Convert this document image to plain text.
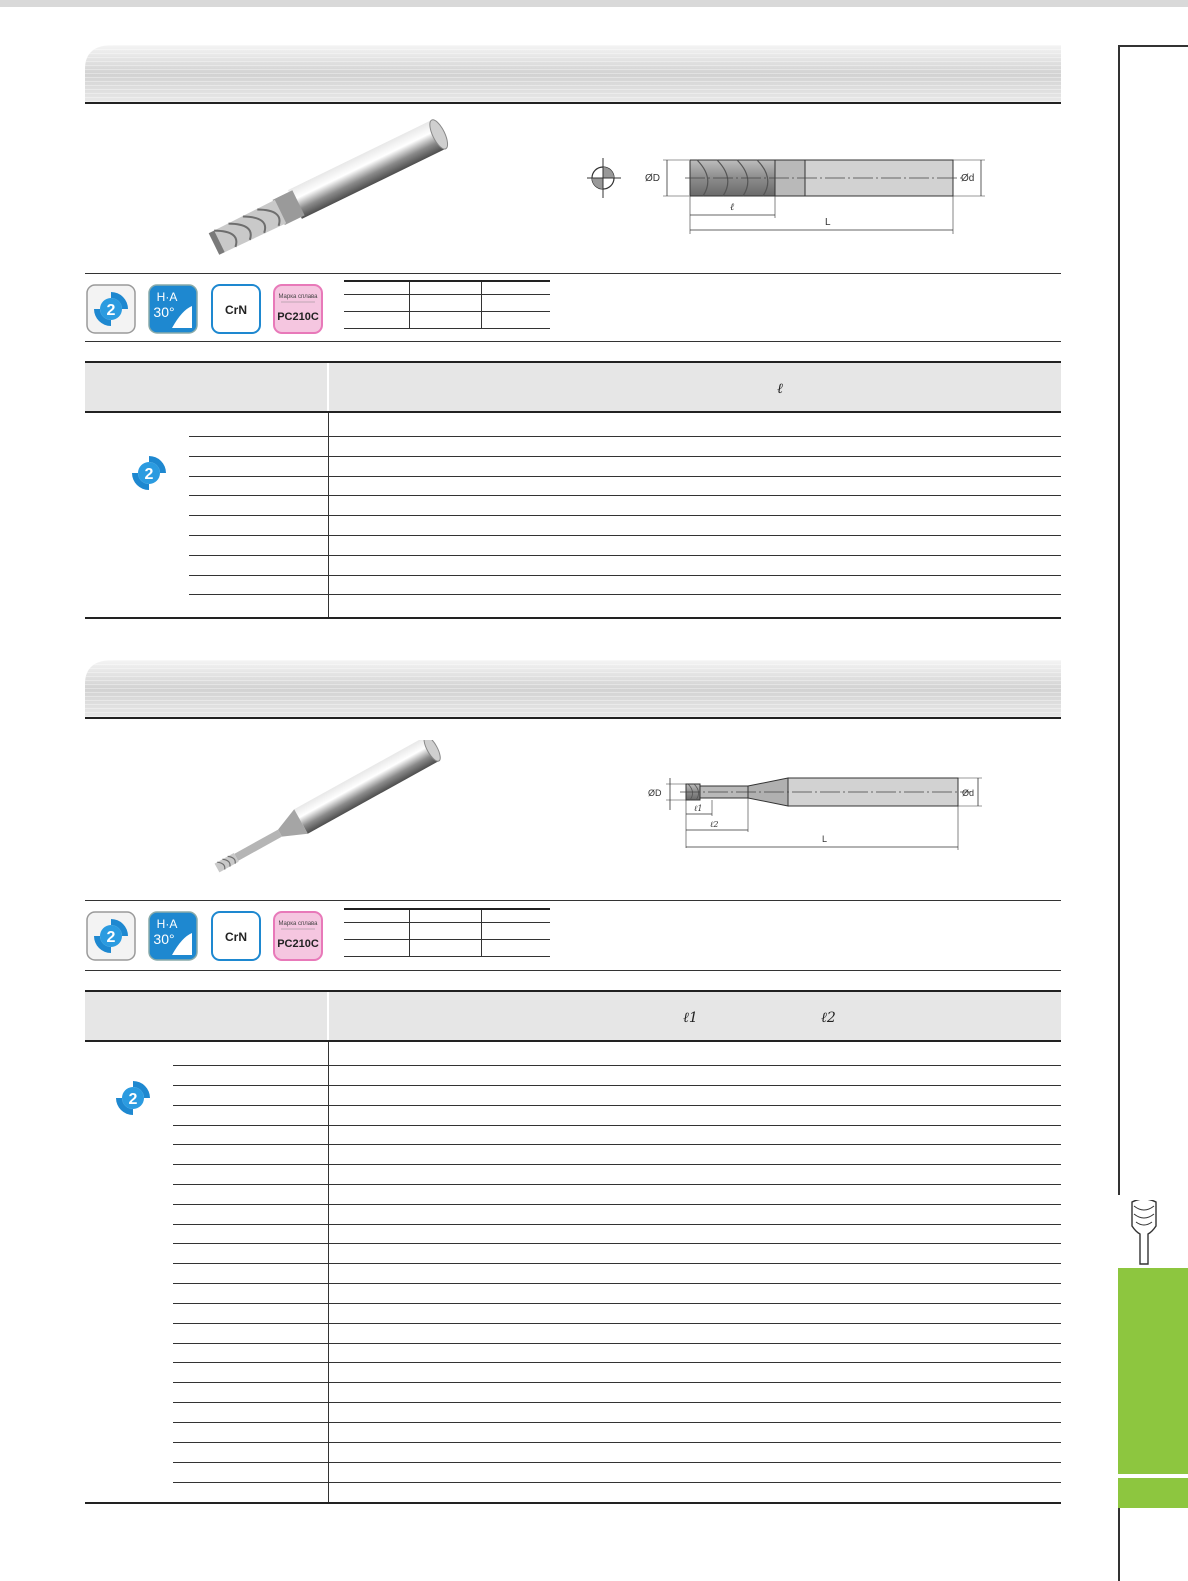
ØD	Ød
ℓ
L
2
H·A
30°	CrN
Марка сплава
PC210C
ℓ
2
ØD	Ød
ℓ1
ℓ2
L
2
H·A
30°	CrN
Марка сплава
PC210C
ℓ1	ℓ2
2
